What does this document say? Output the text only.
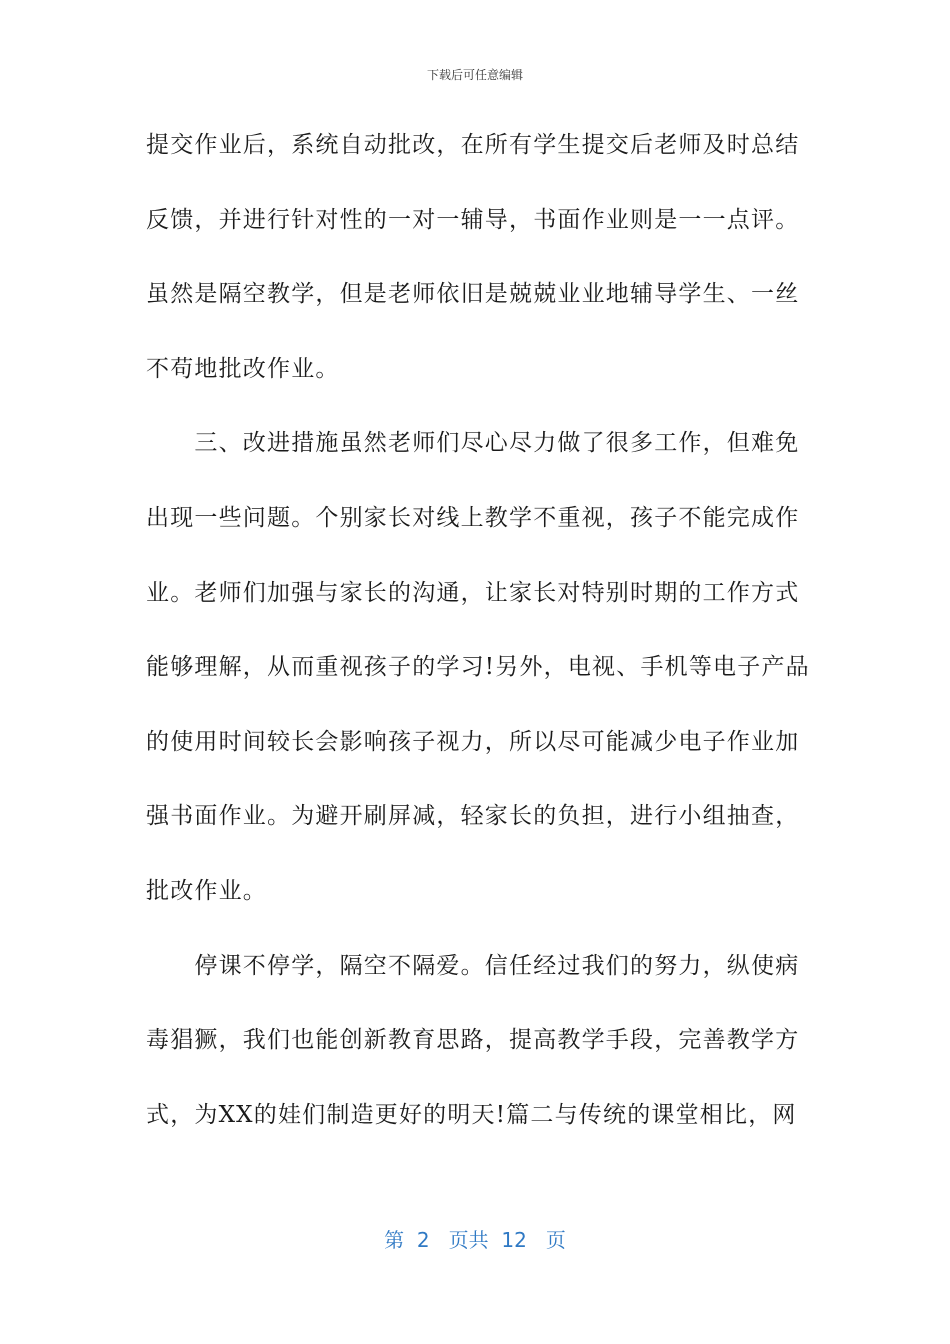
下载后可任意编辑
提交作业后，系统自动批改，在所有学生提交后老师及时总结
反馈，并进行针对性的一对一辅导，书面作业则是一一点评。
虽然是隔空教学，但是老师依旧是兢兢业业地辅导学生、一丝
不苟地批改作业。
　　三、改进措施虽然老师们尽心尽力做了很多工作，但难免
出现一些问题。个别家长对线上教学不重视，孩子不能完成作
业。老师们加强与家长的沟通，让家长对特别时期的工作方式
能够理解，从而重视孩子的学习!另外，电视、手机等电子产品
的使用时间较长会影响孩子视力，所以尽可能减少电子作业加
强书面作业。为避开刷屏减，轻家长的负担，进行小组抽查，
批改作业。
　　停课不停学，隔空不隔爱。信任经过我们的努力，纵使病
毒猖獗，我们也能创新教育思路，提高教学手段，完善教学方
式，为XX的娃们制造更好的明天!篇二与传统的课堂相比，网
第  2   页共  12   页
